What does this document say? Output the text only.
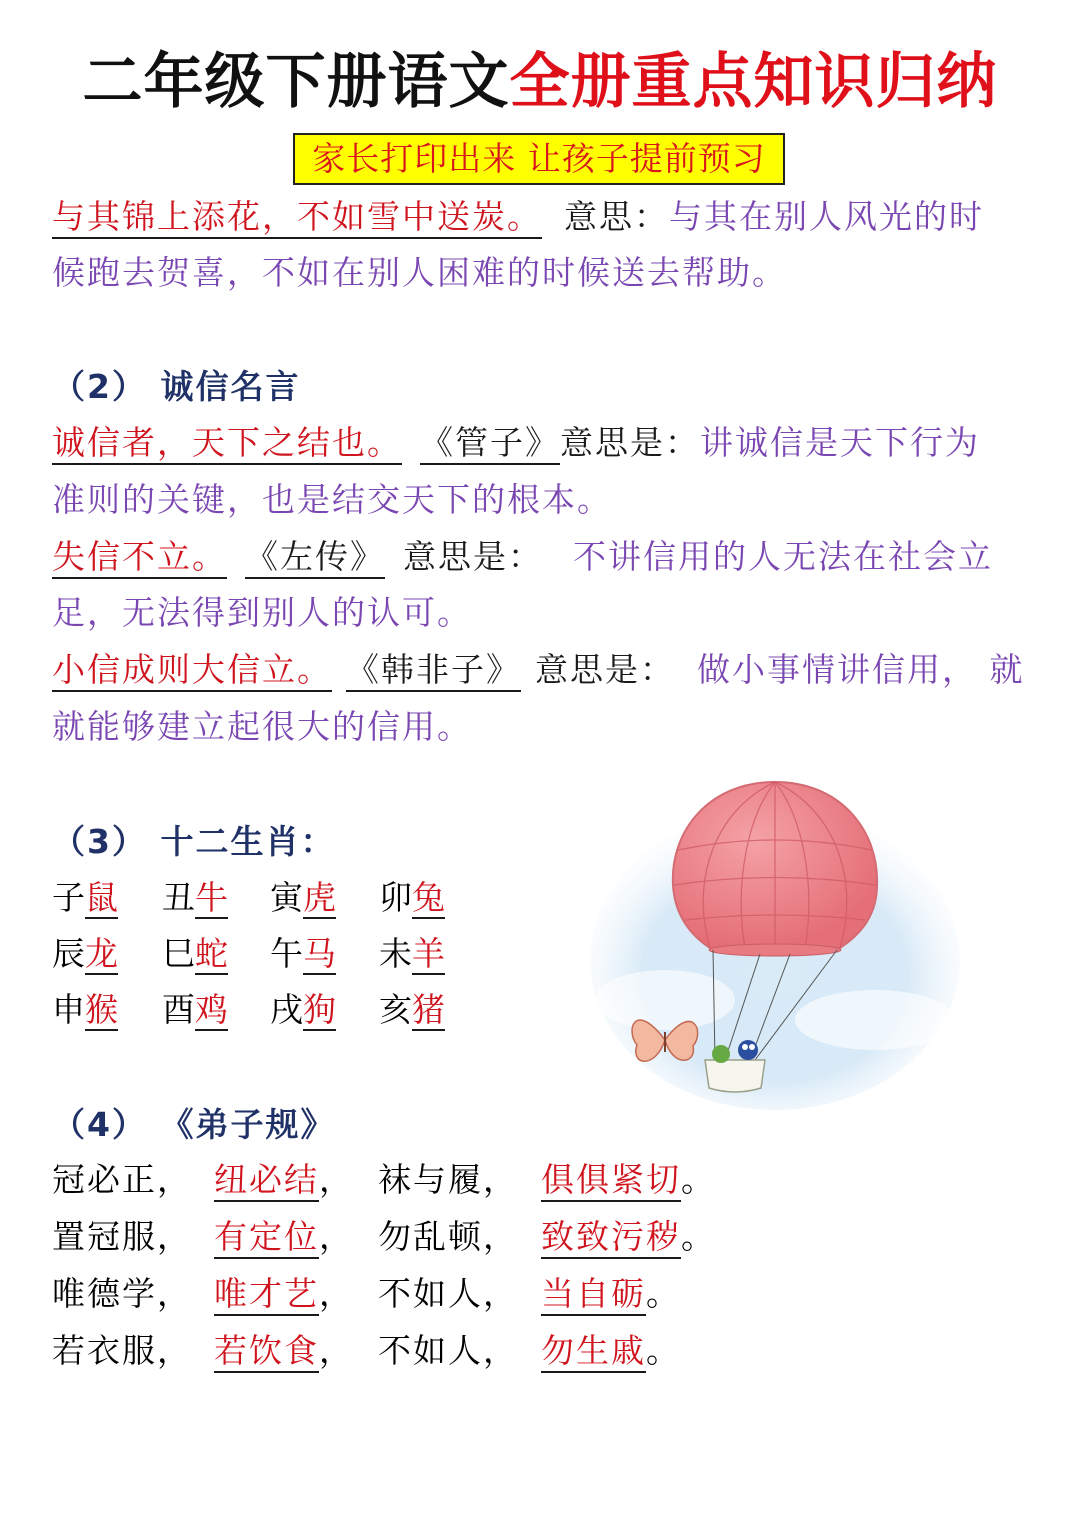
二年级下册语文全册重点知识归纳
家长打印出来 让孩子提前预习
与其锦上添花，不如雪中送炭。 意思：与其在别人风光的时
候跑去贺喜，不如在别人困难的时候送去帮助。
（2） 诚信名言
诚信者，天下之结也。 《管子》意思是：讲诚信是天下行为
准则的关键，也是结交天下的根本。
失信不立。 《左传》 意思是： 不讲信用的人无法在社会立
足，无法得到别人的认可。
小信成则大信立。 《韩非子》 意思是： 做小事情讲信用， 就
就能够建立起很大的信用。
（3） 十二生肖：
子鼠 丑牛 寅虎 卯兔
辰龙 巳蛇 午马 未羊
申猴 酉鸡 戌狗 亥猪
（4） 《弟子规》
冠必正， 纽必结， 袜与履， 俱俱紧切。
置冠服， 有定位， 勿乱顿， 致致污秽。
唯德学， 唯才艺， 不如人， 当自砺。
若衣服， 若饮食， 不如人， 勿生戚。
